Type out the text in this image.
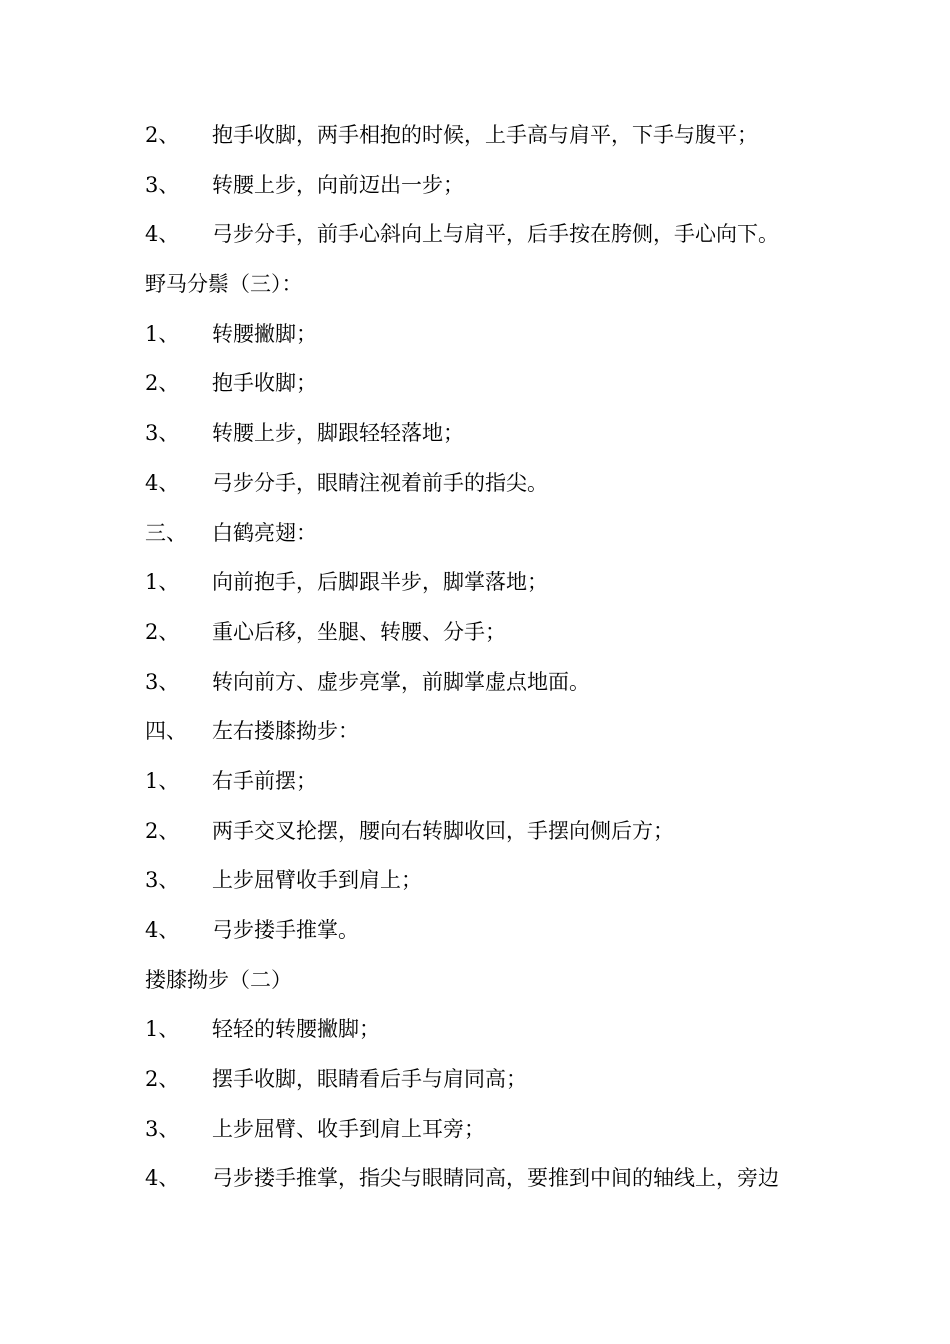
2、	抱手收脚，两手相抱的时候，上手高与肩平，下手与腹平；
3、	转腰上步，向前迈出一步；
4、	弓步分手，前手心斜向上与肩平，后手按在胯侧，手心向下。
野马分鬃（三）：
1、	转腰撇脚；
2、	抱手收脚；
3、	转腰上步，脚跟轻轻落地；
4、	弓步分手，眼睛注视着前手的指尖。
三、	白鹤亮翅：
1、	向前抱手，后脚跟半步，脚掌落地；
2、	重心后移，坐腿、转腰、分手；
3、	转向前方、虚步亮掌，前脚掌虚点地面。
四、	左右搂膝拗步：
1、	右手前摆；
2、	两手交叉抡摆，腰向右转脚收回，手摆向侧后方；
3、	上步屈臂收手到肩上；
4、	弓步搂手推掌。
搂膝拗步（二）
1、	轻轻的转腰撇脚；
2、	摆手收脚，眼睛看后手与肩同高；
3、	上步屈臂、收手到肩上耳旁；
4、	弓步搂手推掌，指尖与眼睛同高，要推到中间的轴线上，旁边
